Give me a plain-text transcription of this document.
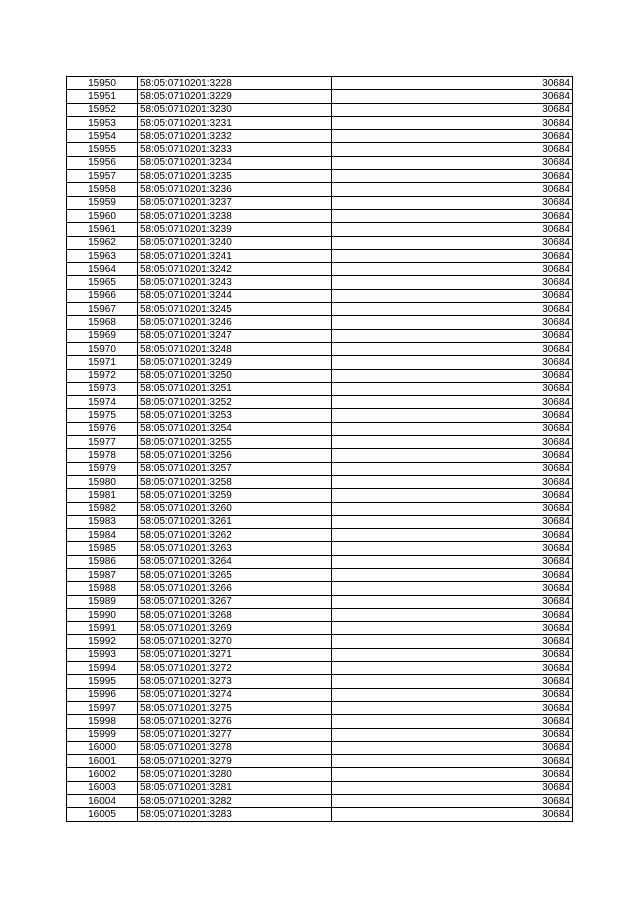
15950	58:05:0710201:3228	30684
15951	58:05:0710201:3229	30684
15952	58:05:0710201:3230	30684
15953	58:05:0710201:3231	30684
15954	58:05:0710201:3232	30684
15955	58:05:0710201:3233	30684
15956	58:05:0710201:3234	30684
15957	58:05:0710201:3235	30684
15958	58:05:0710201:3236	30684
15959	58:05:0710201:3237	30684
15960	58:05:0710201:3238	30684
15961	58:05:0710201:3239	30684
15962	58:05:0710201:3240	30684
15963	58:05:0710201:3241	30684
15964	58:05:0710201:3242	30684
15965	58:05:0710201:3243	30684
15966	58:05:0710201:3244	30684
15967	58:05:0710201:3245	30684
15968	58:05:0710201:3246	30684
15969	58:05:0710201:3247	30684
15970	58:05:0710201:3248	30684
15971	58:05:0710201:3249	30684
15972	58:05:0710201:3250	30684
15973	58:05:0710201:3251	30684
15974	58:05:0710201:3252	30684
15975	58:05:0710201:3253	30684
15976	58:05:0710201:3254	30684
15977	58:05:0710201:3255	30684
15978	58:05:0710201:3256	30684
15979	58:05:0710201:3257	30684
15980	58:05:0710201:3258	30684
15981	58:05:0710201:3259	30684
15982	58:05:0710201:3260	30684
15983	58:05:0710201:3261	30684
15984	58:05:0710201:3262	30684
15985	58:05:0710201:3263	30684
15986	58:05:0710201:3264	30684
15987	58:05:0710201:3265	30684
15988	58:05:0710201:3266	30684
15989	58:05:0710201:3267	30684
15990	58:05:0710201:3268	30684
15991	58:05:0710201:3269	30684
15992	58:05:0710201:3270	30684
15993	58:05:0710201:3271	30684
15994	58:05:0710201:3272	30684
15995	58:05:0710201:3273	30684
15996	58:05:0710201:3274	30684
15997	58:05:0710201:3275	30684
15998	58:05:0710201:3276	30684
15999	58:05:0710201:3277	30684
16000	58:05:0710201:3278	30684
16001	58:05:0710201:3279	30684
16002	58:05:0710201:3280	30684
16003	58:05:0710201:3281	30684
16004	58:05:0710201:3282	30684
16005	58:05:0710201:3283	30684
